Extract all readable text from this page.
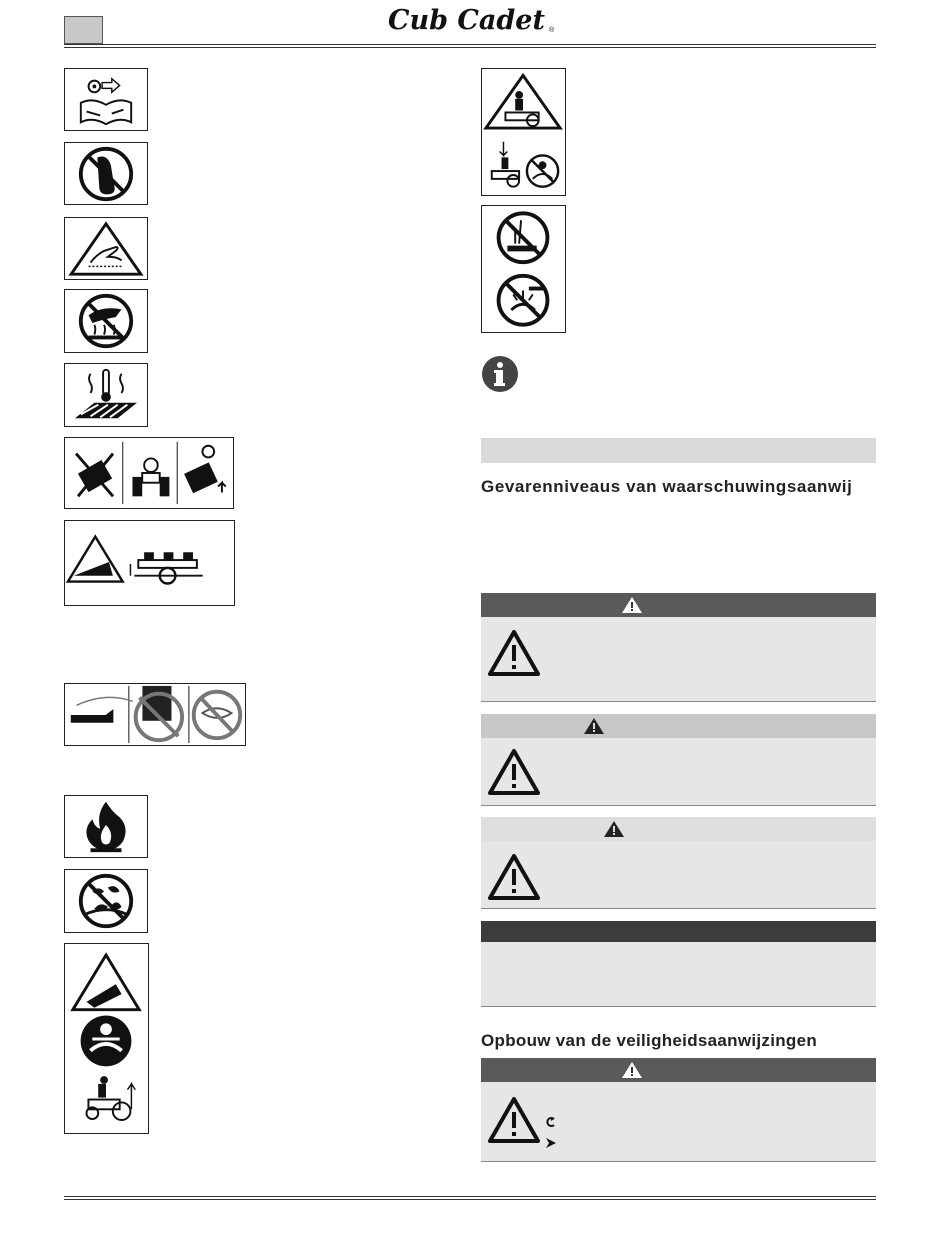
Cub Cadet ®
Gevarenniveaus van waarschuwingsaanwij
Opbouw van de veiligheidsaanwijzingen
